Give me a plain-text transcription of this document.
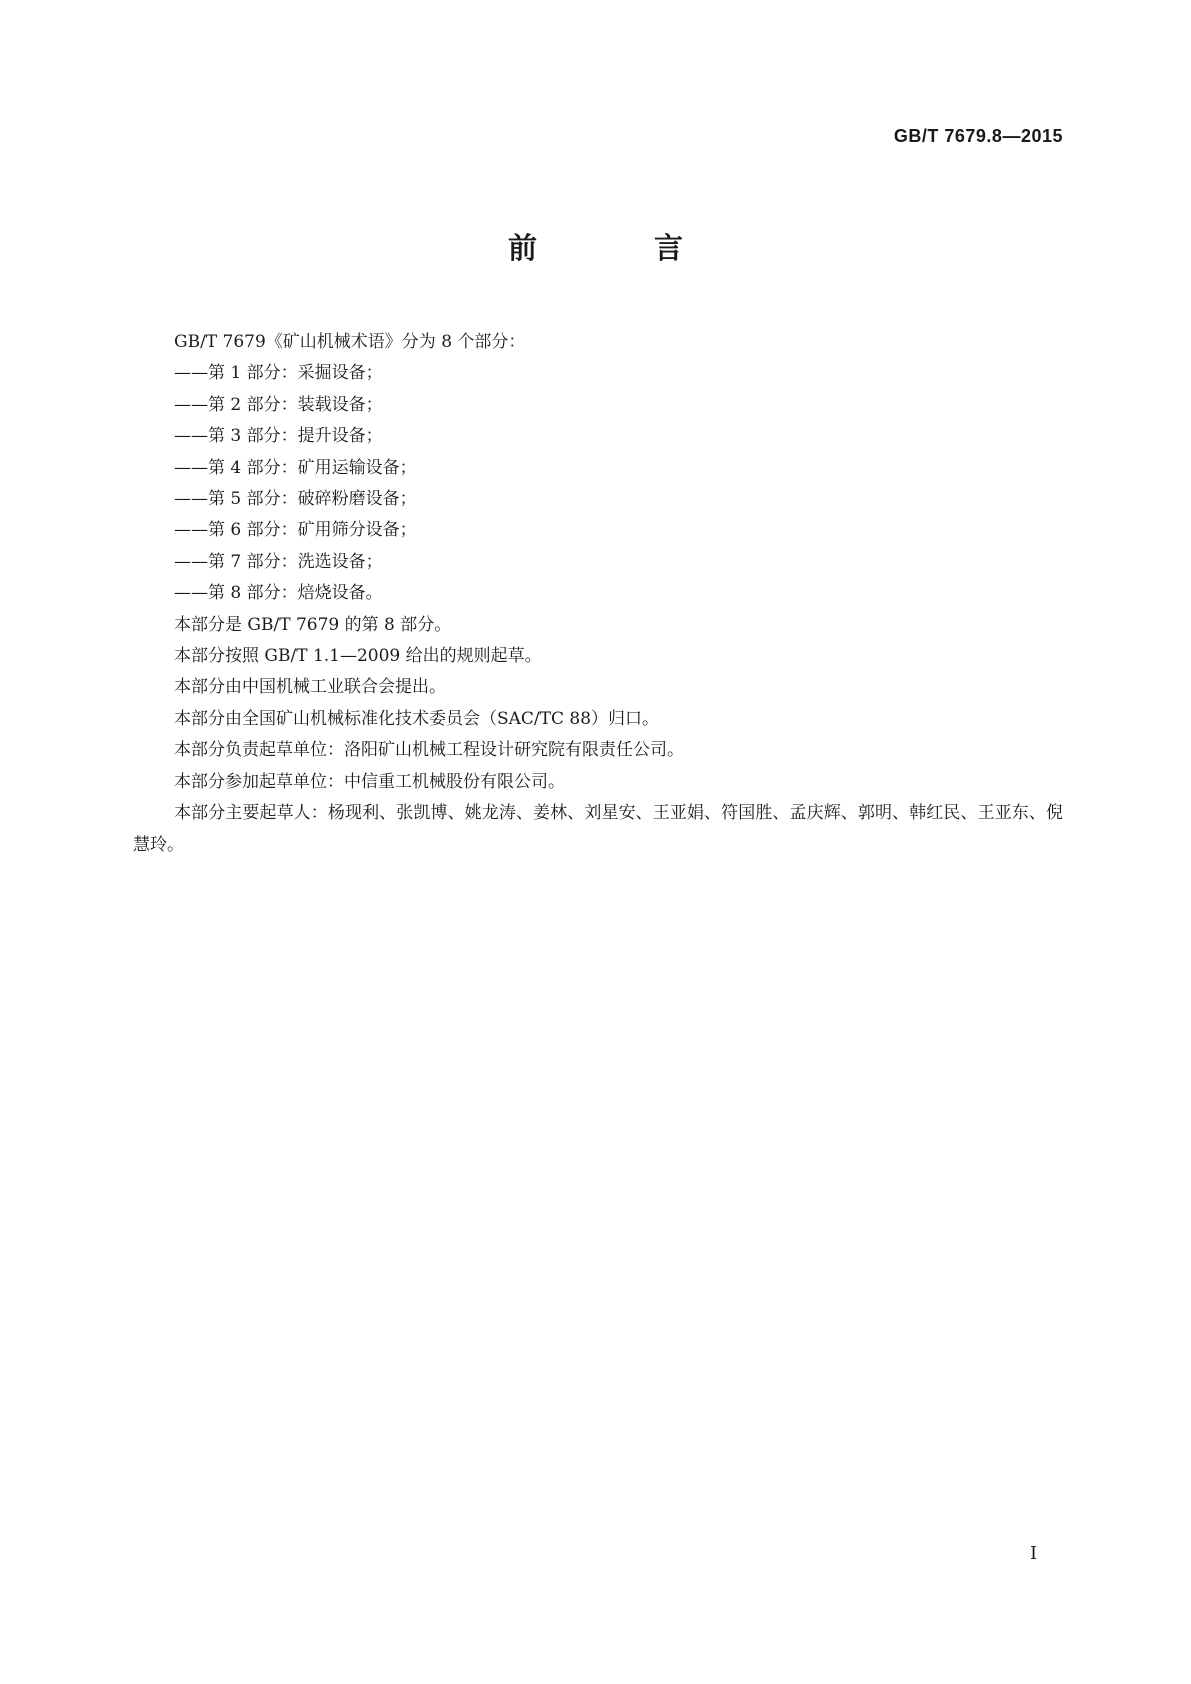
GB/T 7679.8—2015
前　言

GB/T 7679《矿山机械术语》分为 8 个部分：

——第 1 部分：采掘设备；

——第 2 部分：装载设备；

——第 3 部分：提升设备；

——第 4 部分：矿用运输设备；

——第 5 部分：破碎粉磨设备；

——第 6 部分：矿用筛分设备；

——第 7 部分：洗选设备；

——第 8 部分：焙烧设备。

本部分是 GB/T 7679 的第 8 部分。

本部分按照 GB/T 1.1—2009 给出的规则起草。

本部分由中国机械工业联合会提出。

本部分由全国矿山机械标准化技术委员会（SAC/TC 88）归口。

本部分负责起草单位：洛阳矿山机械工程设计研究院有限责任公司。

本部分参加起草单位：中信重工机械股份有限公司。

本部分主要起草人：杨现利、张凯博、姚龙涛、姜林、刘星安、王亚娟、符国胜、孟庆辉、郭明、韩红民、王亚东、倪慧玲。

I
